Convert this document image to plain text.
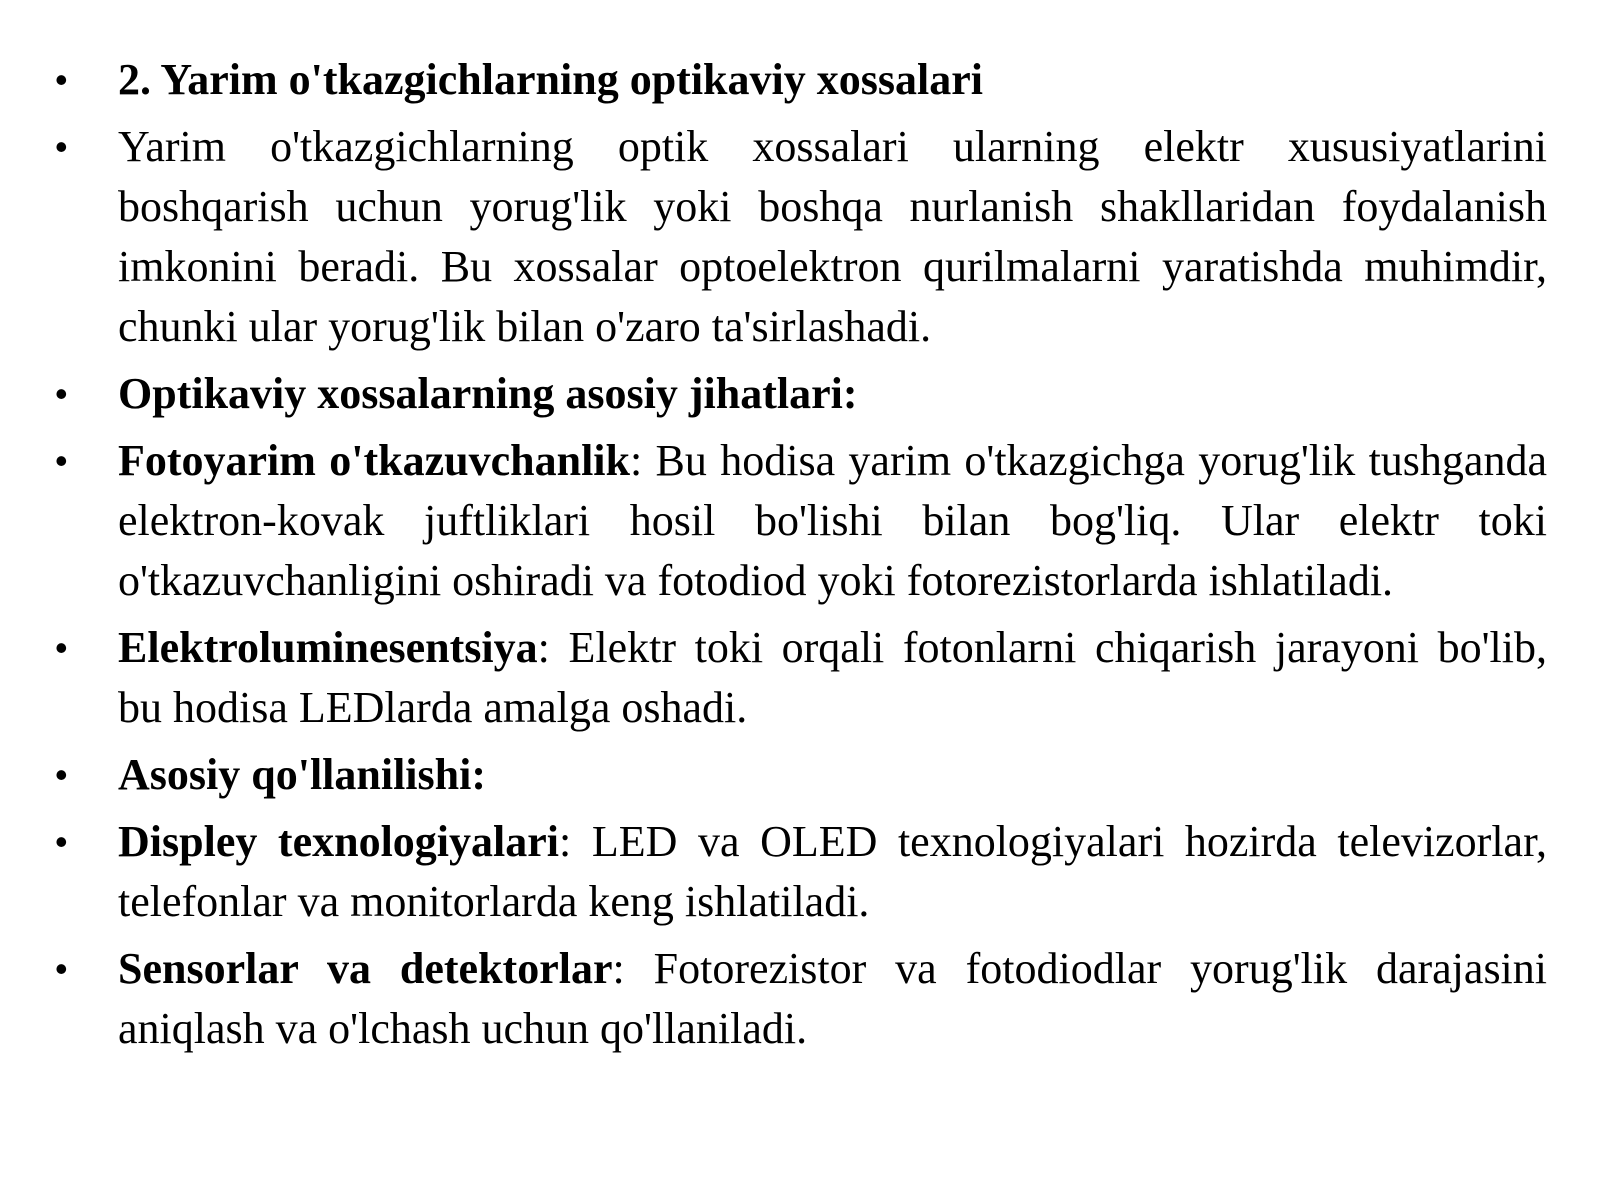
• 2. Yarim o'tkazgichlarning optikaviy xossalari
• Yarim o'tkazgichlarning optik xossalari ularning elektr xususiyatlarini boshqarish uchun yorug'lik yoki boshqa nurlanish shakllaridan foydalanish imkonini beradi. Bu xossalar optoelektron qurilmalarni yaratishda muhimdir, chunki ular yorug'lik bilan o'zaro ta'sirlashadi.
• Optikaviy xossalarning asosiy jihatlari:
• Fotoyarim o'tkazuvchanlik: Bu hodisa yarim o'tkazgichga yorug'lik tushganda elektron-kovak juftliklari hosil bo'lishi bilan bog'liq. Ular elektr toki o'tkazuvchanligini oshiradi va fotodiod yoki fotorezistorlarda ishlatiladi.
• Elektroluminesentsiya: Elektr toki orqali fotonlarni chiqarish jarayoni bo'lib, bu hodisa LEDlarda amalga oshadi.
• Asosiy qo'llanilishi:
• Displey texnologiyalari: LED va OLED texnologiyalari hozirda televizorlar, telefonlar va monitorlarda keng ishlatiladi.
• Sensorlar va detektorlar: Fotorezistor va fotodiodlar yorug'lik darajasini aniqlash va o'lchash uchun qo'llaniladi.
